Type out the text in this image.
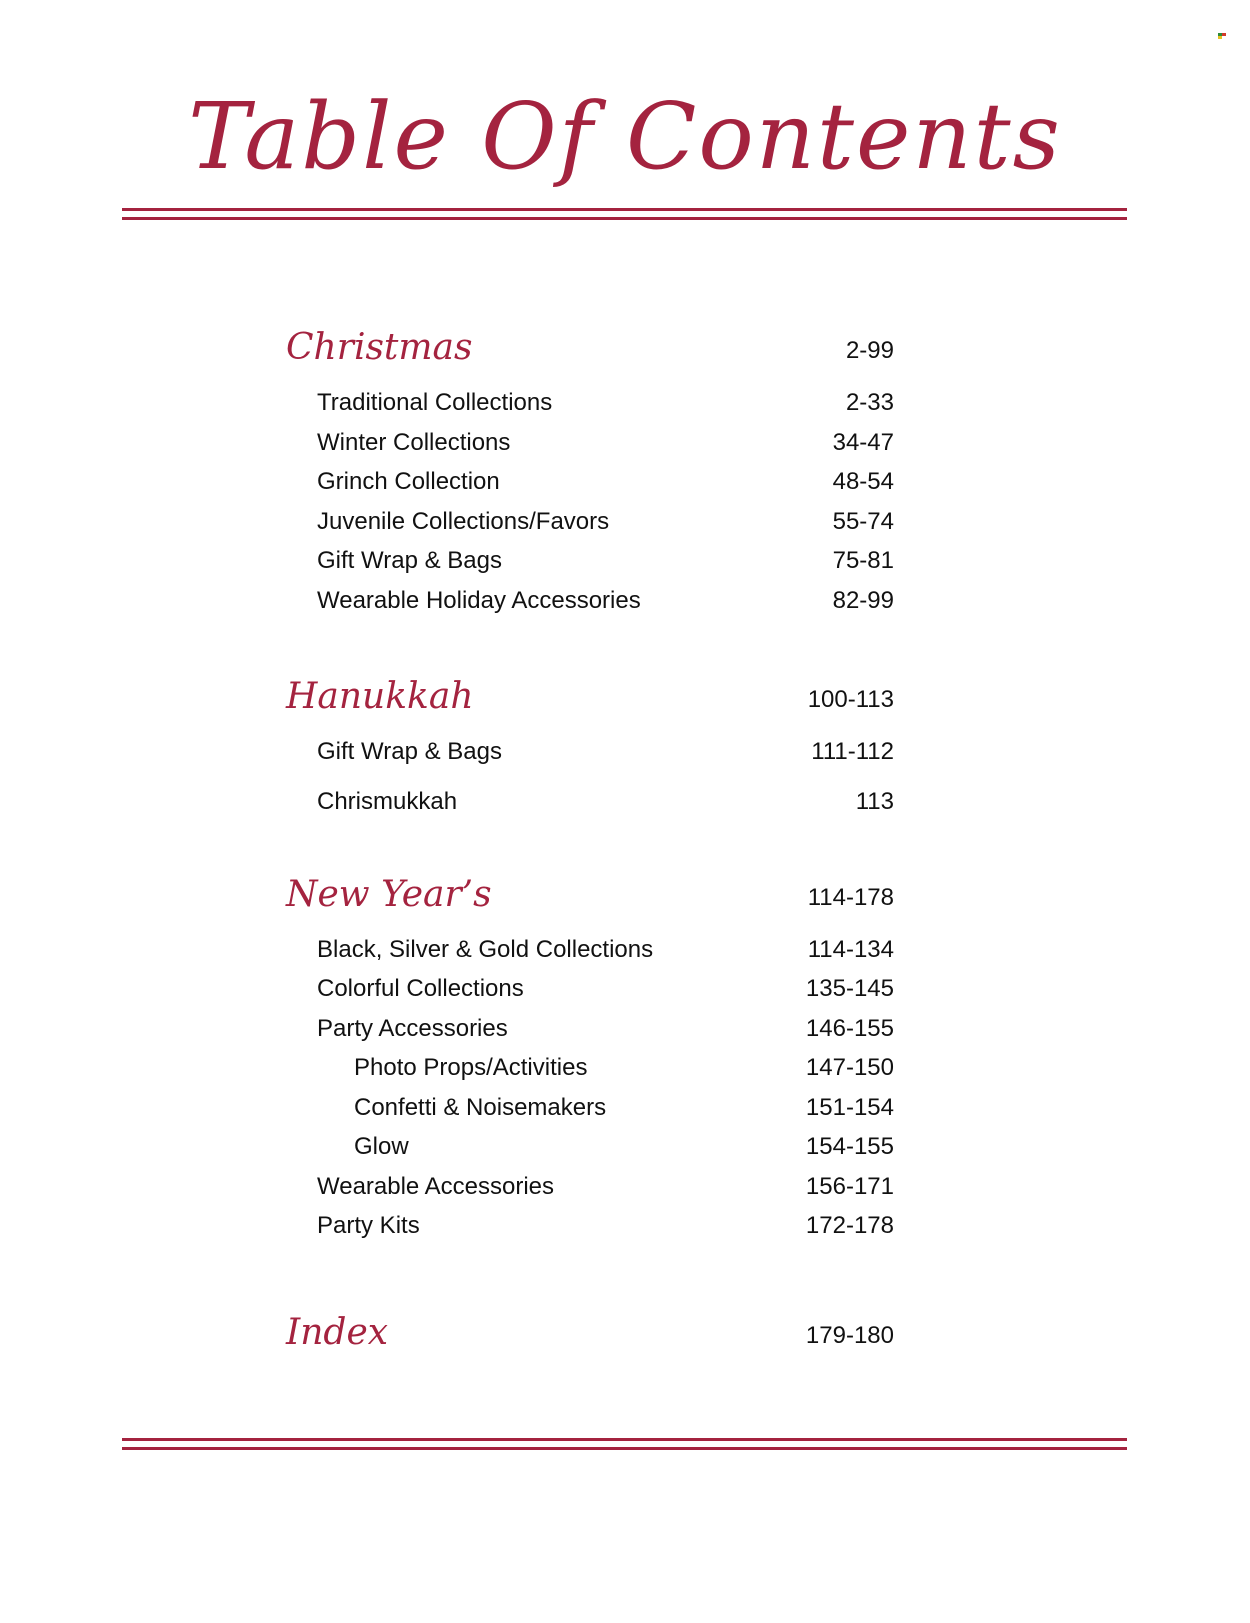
Table Of Contents
Christmas	2-99
Traditional Collections	2-33
Winter Collections	34-47
Grinch Collection	48-54
Juvenile Collections/Favors	55-74
Gift Wrap & Bags	75-81
Wearable Holiday Accessories	82-99
Hanukkah	100-113
Gift Wrap & Bags	111-112
Chrismukkah	113
New Year’s	114-178
Black, Silver & Gold Collections	114-134
Colorful Collections	135-145
Party Accessories	146-155
Photo Props/Activities	147-150
Confetti & Noisemakers	151-154
Glow	154-155
Wearable Accessories	156-171
Party Kits	172-178
Index	179-180
